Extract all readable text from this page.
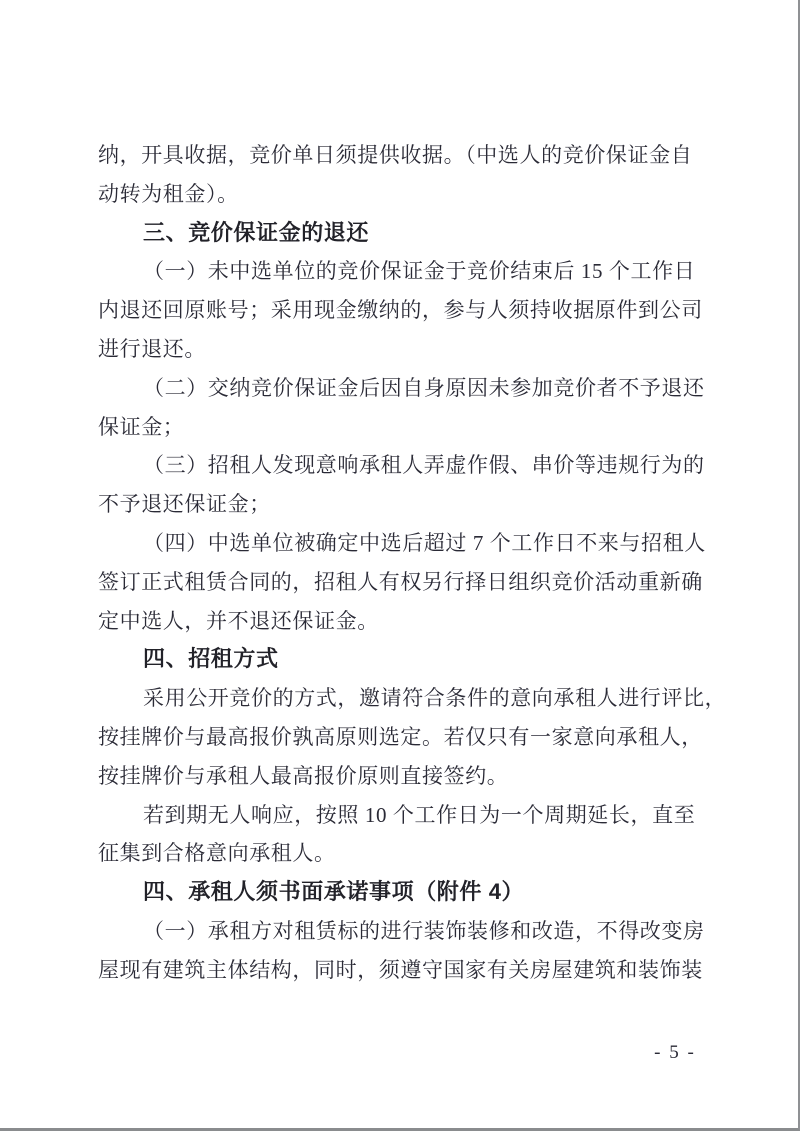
纳，开具收据，竞价单日须提供收据。（中选人的竞价保证金自
动转为租金）。
三、竞价保证金的退还
（一）未中选单位的竞价保证金于竞价结束后 15 个工作日
内退还回原账号；采用现金缴纳的，参与人须持收据原件到公司
进行退还。
（二）交纳竞价保证金后因自身原因未参加竞价者不予退还
保证金；
（三）招租人发现意响承租人弄虚作假、串价等违规行为的
不予退还保证金；
（四）中选单位被确定中选后超过 7 个工作日不来与招租人
签订正式租赁合同的，招租人有权另行择日组织竞价活动重新确
定中选人，并不退还保证金。
四、招租方式
采用公开竞价的方式，邀请符合条件的意向承租人进行评比，
按挂牌价与最高报价孰高原则选定。若仅只有一家意向承租人，
按挂牌价与承租人最高报价原则直接签约。
若到期无人响应，按照 10 个工作日为一个周期延长，直至
征集到合格意向承租人。
四、承租人须书面承诺事项（附件 4）
（一）承租方对租赁标的进行装饰装修和改造，不得改变房
屋现有建筑主体结构，同时，须遵守国家有关房屋建筑和装饰装
- 5 -
